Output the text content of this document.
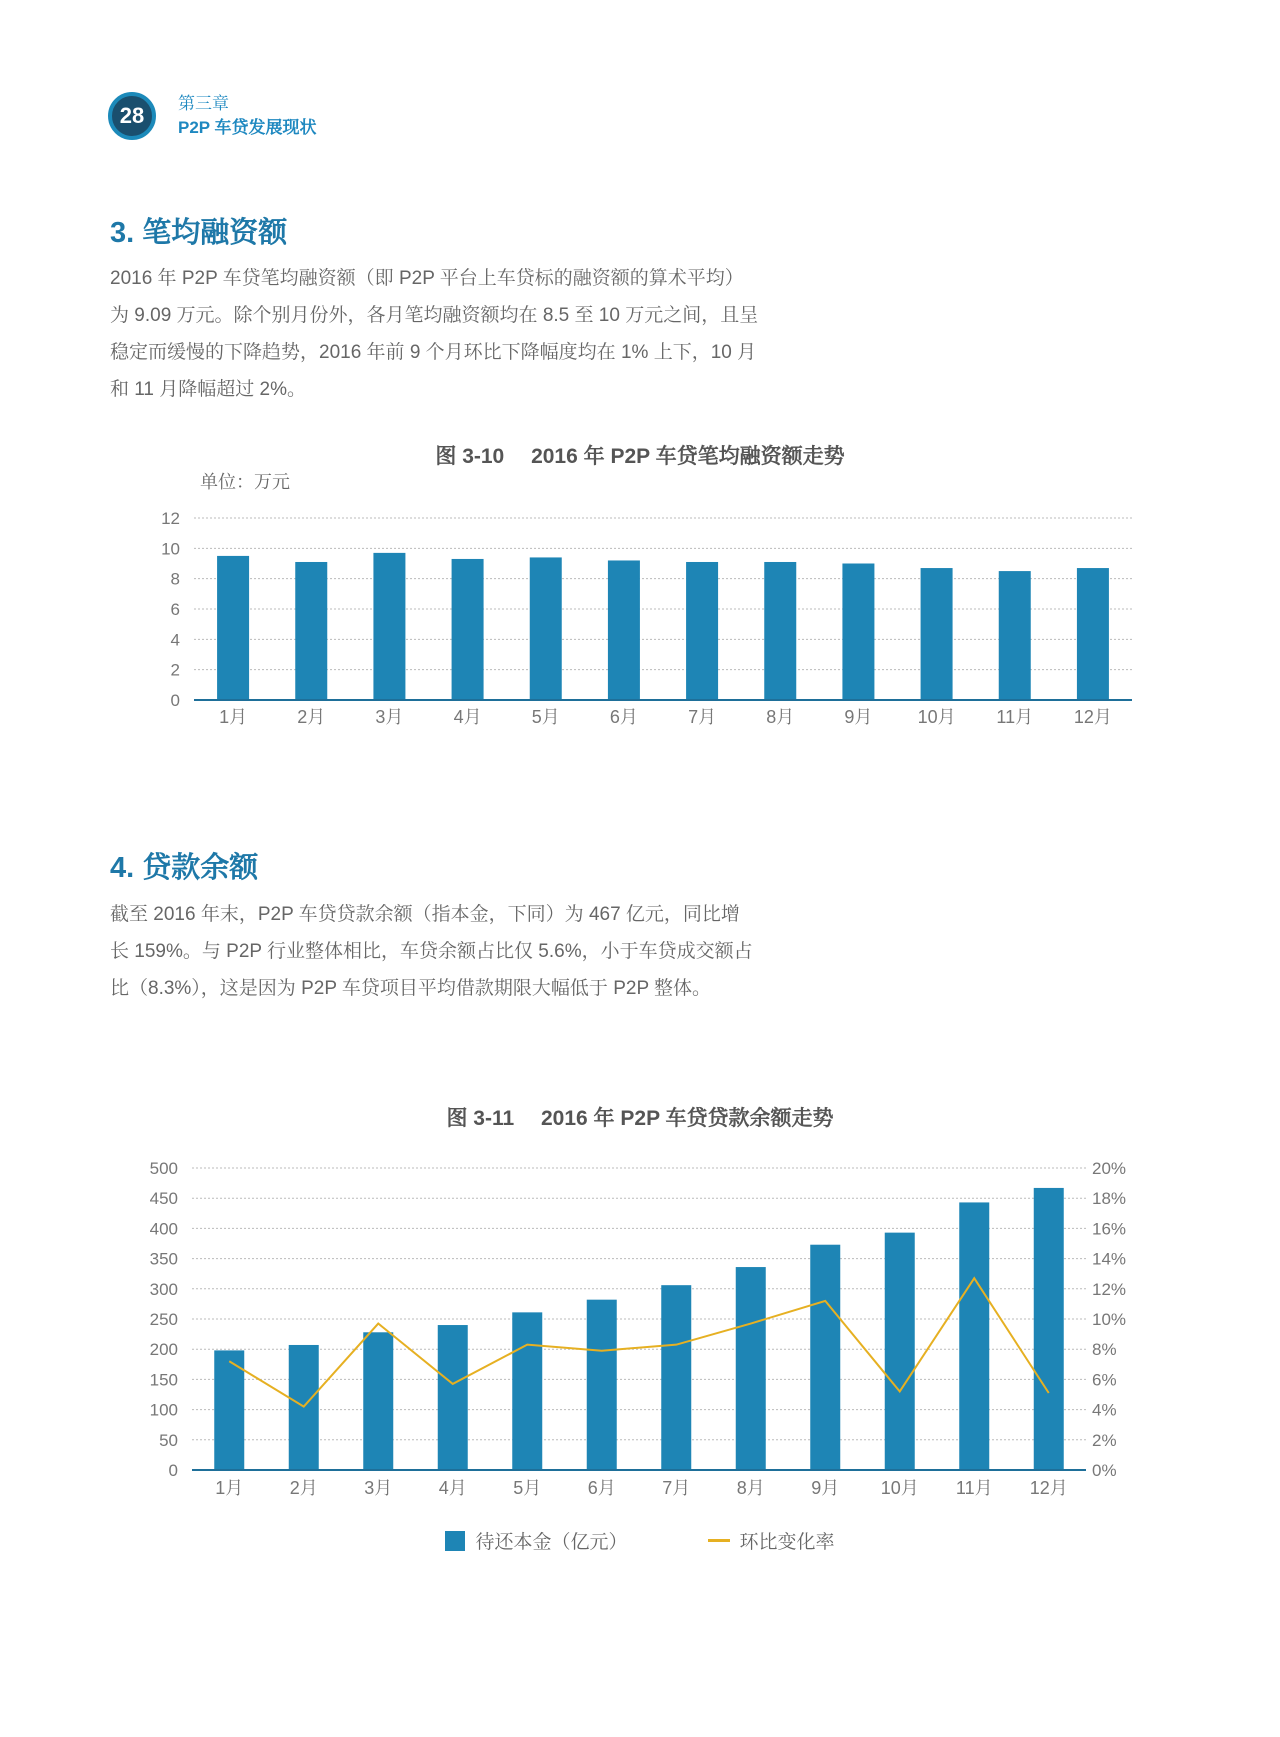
28	第三章
P2P 车贷发展现状
3. 笔均融资额

2016 年 P2P 车贷笔均融资额（即 P2P 平台上车贷标的融资额的算术平均）

为 9.09 万元。除个别月份外，各月笔均融资额均在 8.5 至 10 万元之间，且呈

稳定而缓慢的下降趋势，2016 年前 9 个月环比下降幅度均在 1% 上下，10 月

和 11 月降幅超过 2%。

图 3-10　 2016 年 P2P 车贷笔均融资额走势
单位：万元
0
2
4
6
8
10
12
1月	2月	3月	4月	5月	6月	7月	8月	9月	10月 11月 12月
4. 贷款余额

截至 2016 年末，P2P 车贷贷款余额（指本金，下同）为 467 亿元，同比增

长 159%。与 P2P 行业整体相比，车贷余额占比仅 5.6%，小于车贷成交额占

比（8.3%），这是因为 P2P 车贷项目平均借款期限大幅低于 P2P 整体。

图 3-11　 2016 年 P2P 车贷贷款余额走势
0	0%
50	2%
100	4%
150	6%
200	8%
250	10%
300	12%
350	14%
400	16%
450	18%
500	20%
1月	2月	3月	4月	5月	6月	7月	8月	9月 10月 11月 12月
待还本金（亿元）	环比变化率
